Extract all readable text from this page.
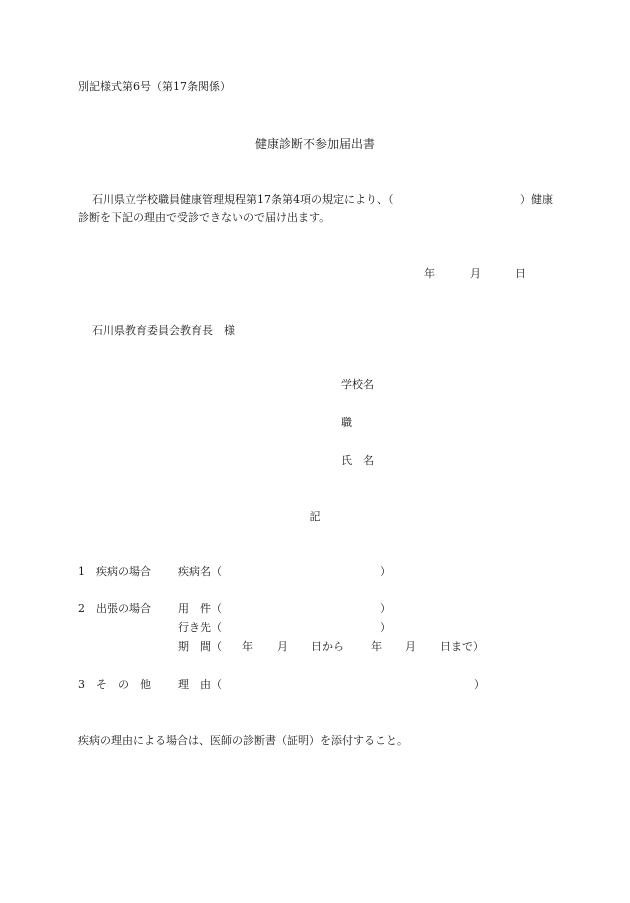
別記様式第6号（第17条関係）
健康診断不参加届出書
石川県立学校職員健康管理規程第17条第4項の規定により、（	）健康
診断を下記の理由で受診できないので届け出ます。
年	月	日
石川県教育委員会教育長　様
学校名
職
氏　名
記
1 疾病の場合 疾病名（	）
2 出張の場合 用　件（	）
行き先（	）
期　間（ 年 月 日から 年 月 日まで）
3 そ　の　他 理　由（	）
疾病の理由による場合は、医師の診断書（証明）を添付すること。
